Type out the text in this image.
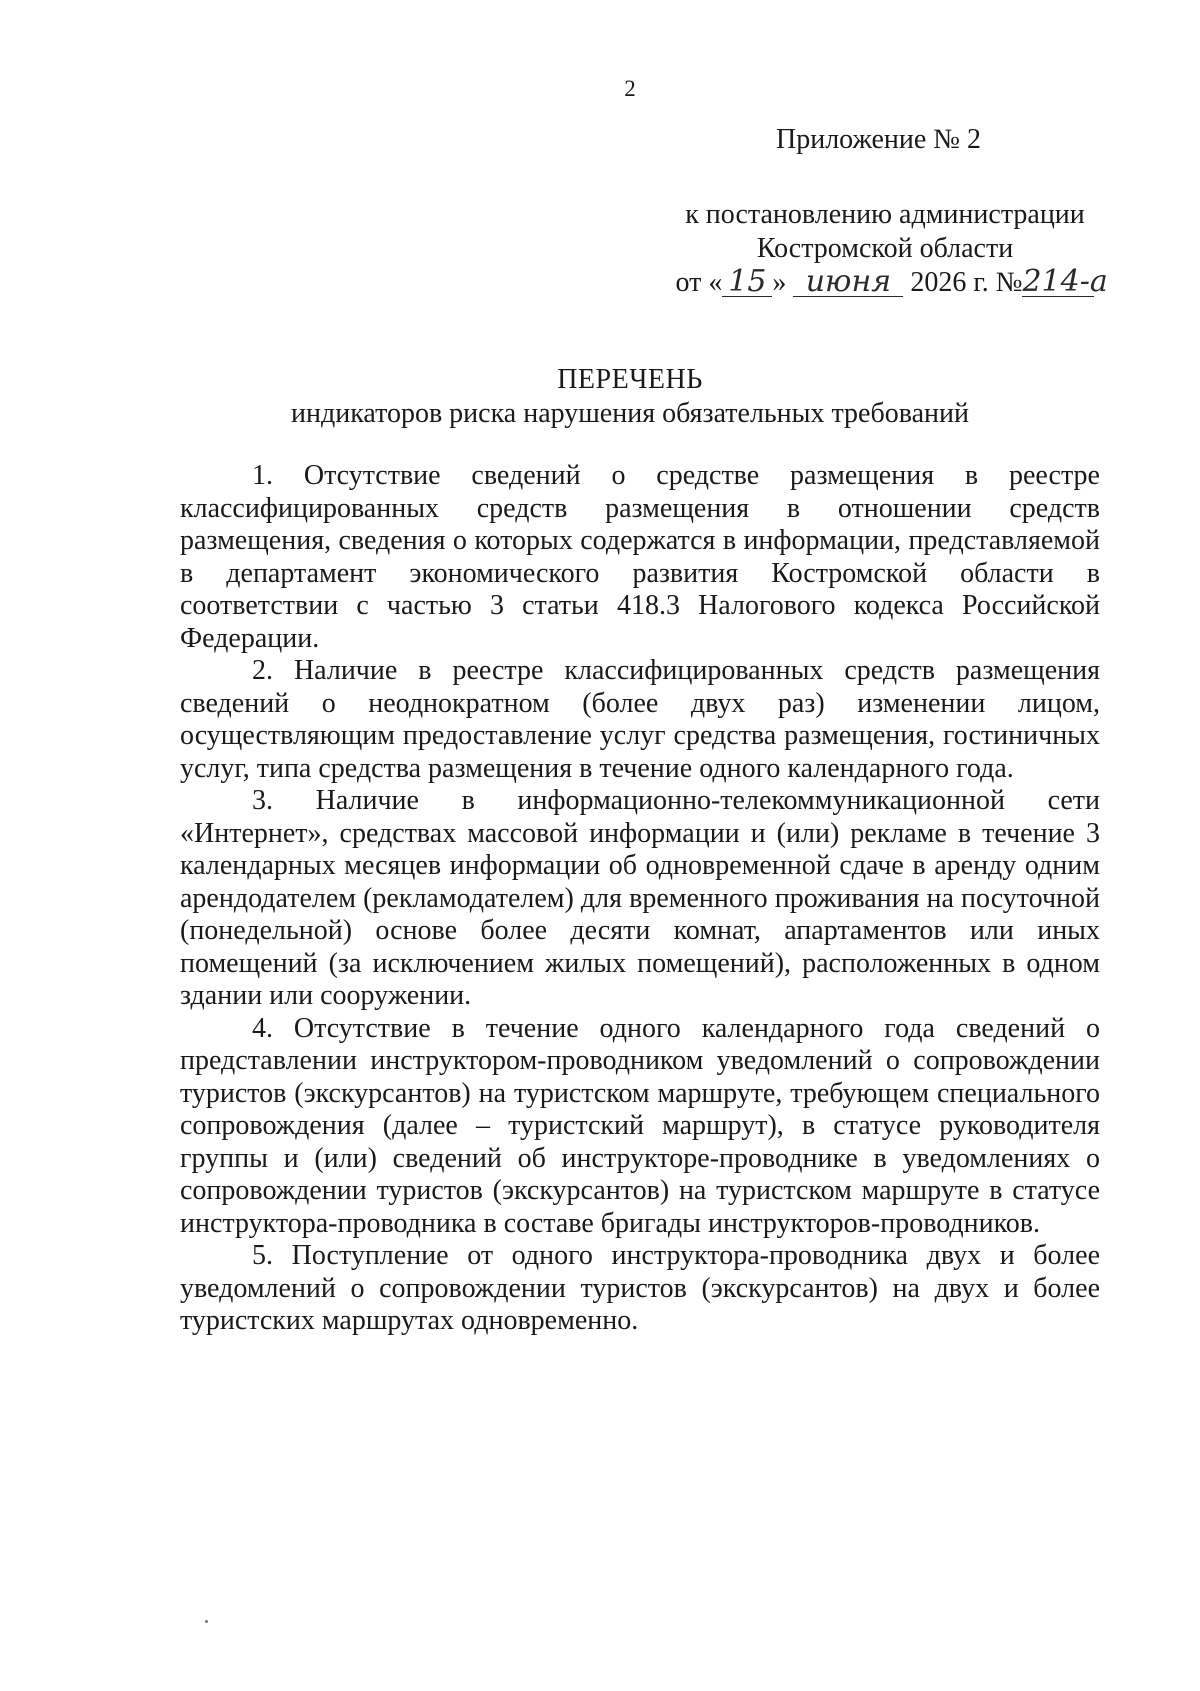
2
Приложение № 2
к постановлению администрации
Костромской области
от « 15 » июня 2026 г. №214-а
ПЕРЕЧЕНЬ
индикаторов риска нарушения обязательных требований

1. Отсутствие сведений о средстве размещения в реестре классифицированных средств размещения в отношении средств размещения, сведения о которых содержатся в информации, представляемой в департамент экономического развития Костромской области в соответствии с частью 3 статьи 418.3 Налогового кодекса Российской Федерации.

2. Наличие в реестре классифицированных средств размещения сведений о неоднократном (более двух раз) изменении лицом, осуществляющим предоставление услуг средства размещения, гостиничных услуг, типа средства размещения в течение одного календарного года.

3. Наличие в информационно-телекоммуникационной сети «Интернет», средствах массовой информации и (или) рекламе в течение 3 календарных месяцев информации об одновременной сдаче в аренду одним арендодателем (рекламодателем) для временного проживания на посуточной (понедельной) основе более десяти комнат, апартаментов или иных помещений (за исключением жилых помещений), расположенных в одном здании или сооружении.

4. Отсутствие в течение одного календарного года сведений о представлении инструктором-проводником уведомлений о сопровождении туристов (экскурсантов) на туристском маршруте, требующем специального сопровождения (далее – туристский маршрут), в статусе руководителя группы и (или) сведений об инструкторе-проводнике в уведомлениях о сопровождении туристов (экскурсантов) на туристском маршруте в статусе инструктора-проводника в составе бригады инструкторов-проводников.

5. Поступление от одного инструктора-проводника двух и более уведомлений о сопровождении туристов (экскурсантов) на двух и более туристских маршрутах одновременно.
